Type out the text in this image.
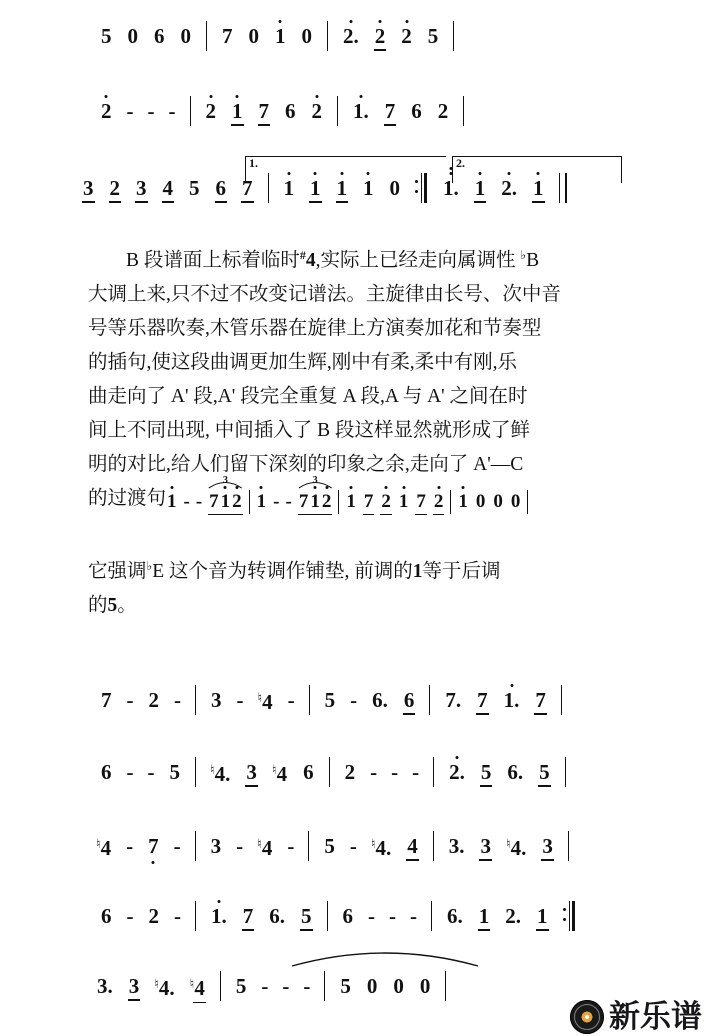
5 0 6 0 7 0 1 0 2. 2 2 5
2 - - - 2 1 7 6 2 1. 7 6 2
3 2 3 4 5 6 7 1 1 1 1 0 1. 1 2. 1
1.	2.

B 段谱面上标着临时#4,实际上已经走向属调性 ♭B

大调上来,只不过不改变记谱法。主旋律由长号、次中音

号等乐器吹奏,木管乐器在旋律上方演奏加花和节奏型

的插句,使这段曲调更加生辉,刚中有柔,柔中有刚,乐

曲走向了 A' 段,A' 段完全重复 A 段,A 与 A' 之间在时

间上不同出现, 中间插入了 B 段这样显然就形成了鲜

明的对比,给人们留下深刻的印象之余,走向了 A'—C

的过渡句 1 - -
3
7 1 2 1 - -
3
7 1 2 1 7 2 1 7 2 1 0 0 0

它强调♭E 这个音为转调作铺垫, 前调的1等于后调

的5。

7 - 2 - 3 - ♮4 - 5 - 6. 6 7. 7 1. 7
6 - - 5 ♮4. 3 ♮4 6 2 - - - 2. 5 6. 5
♮4 - 7 - 3 - ♮4 - 5 - ♮4. 4 3. 3 ♮4. 3
6 - 2 - 1. 7 6. 5 6 - - - 6. 1 2. 1
3. 3 ♮4. ♮4 5 - - - 5 0 0 0
新乐谱
